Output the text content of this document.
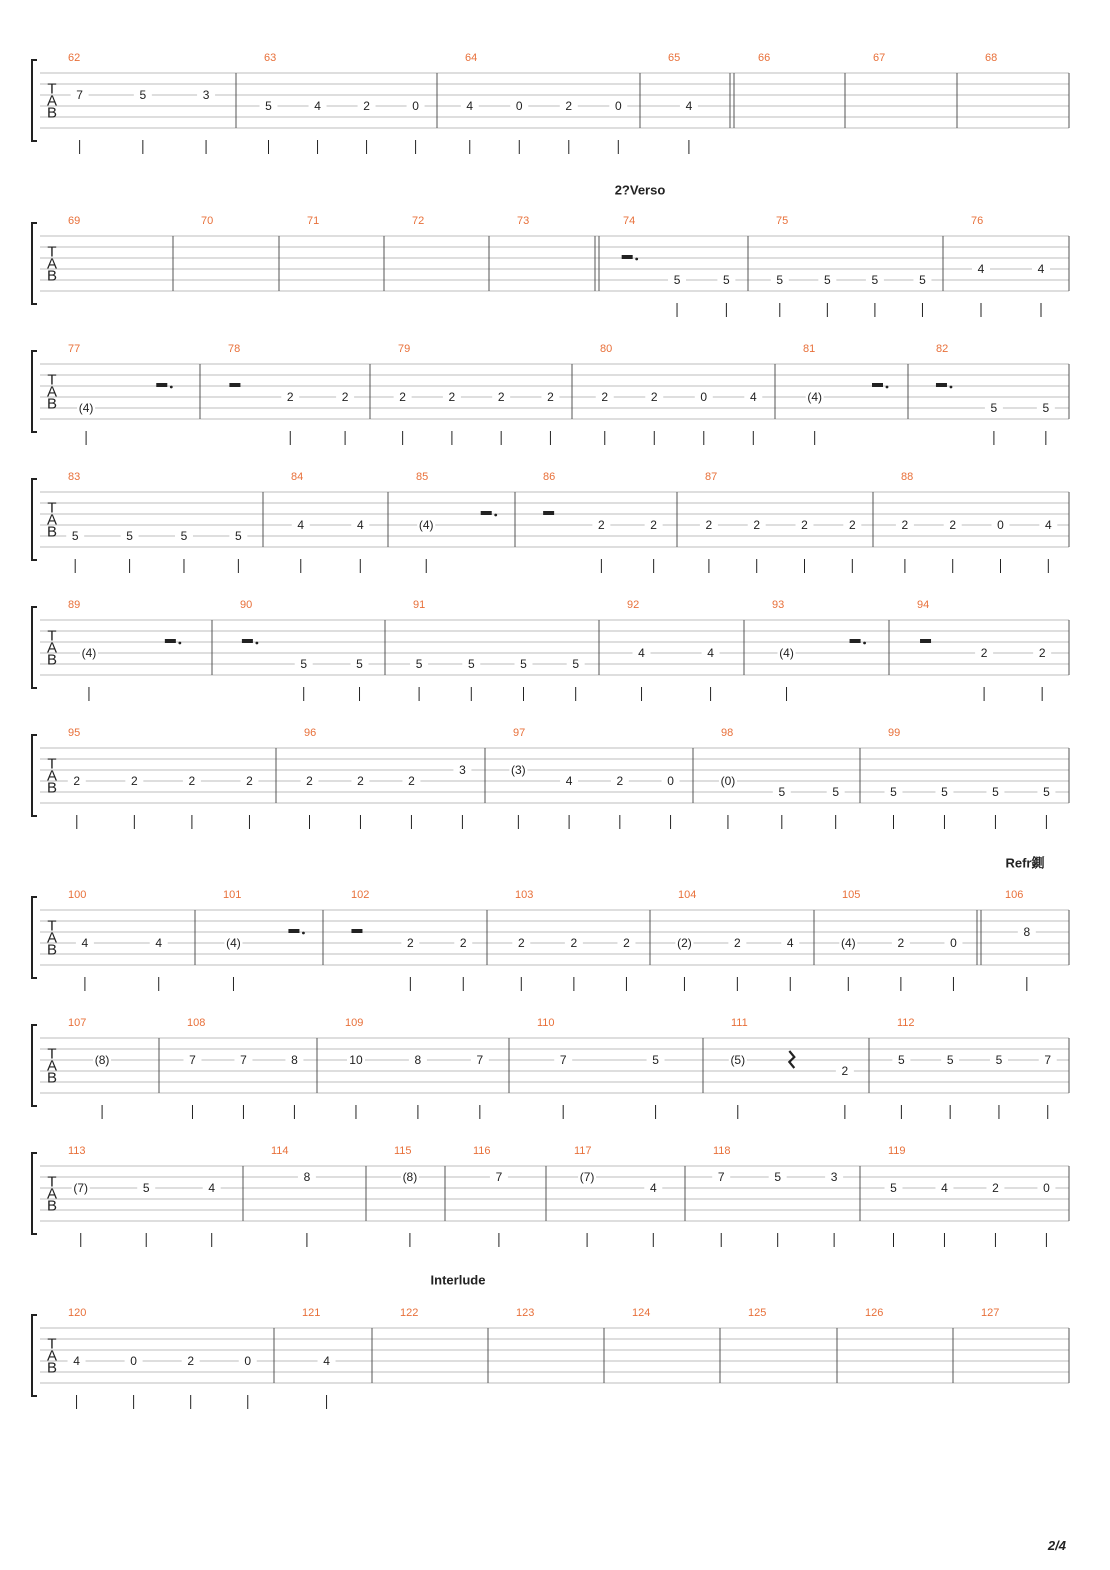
T
A
B
62
7	5	3
63
5	4	2	0
64
4	0	2	0
65
4
66	67	68
T
A
B
2?Verso
69	70	71	72	73	74
5	5
75
5	5	5	5
76
4	4
T
A
B
77
(4)
78
2	2
79
2	2	2	2
80
2	2	0	4
81
(4)
82
5	5
T
A
B
83
5	5	5	5
84
4	4
85
(4)
86
2	2
87
2	2	2	2
88
2	2	0	4
T
A
B
89
(4)
90
5	5
91
5	5	5	5
92
4	4
93
(4)
94
2	2
T
A
B
95
2	2	2	2
96
2	2	2
3
97
(3)
4	2	0
98
(0)
5	5
99
5	5	5	5
T
A
B
Refr鍘
100
4	4
101
(4)
102
2	2
103
2	2	2
104
(2)	2	4
105
(4)	2	0
106
8
T
A
B
107
(8)
108
7	7	8
109
10	8	7
110
7	5
111
(5)
2
112
5	5	5	7
T
A
B
113
(7)	5	4
114
8
115
(8)
116
7
117
(7)
4
118
7	5	3
119
5	4	2	0
T
A
B
Interlude
120
4	0	2	0
121
4
122	123	124	125	126	127
2/4
